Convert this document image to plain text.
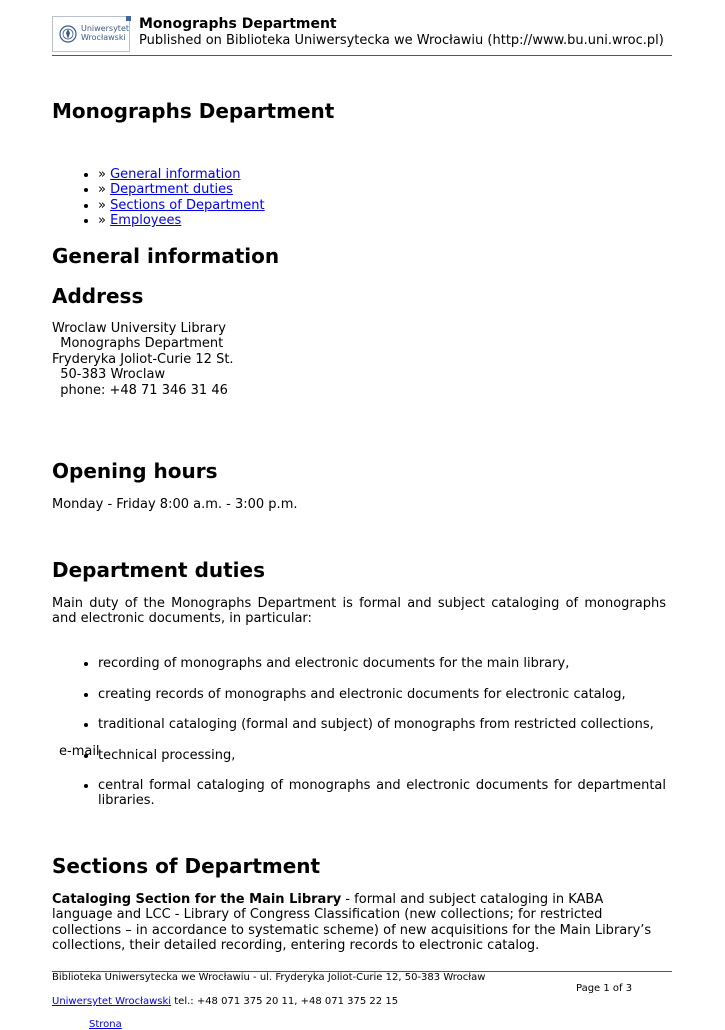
Uniwersytet
Wrocławski
Monographs Department
Published on Biblioteka Uniwersytecka we Wrocławiu (http://www.bu.uni.wroc.pl)
Monographs Department
• » General information
• » Department duties
• » Sections of Department
• » Employees
General information
Address
Wroclaw University Library
Monographs Department
Fryderyka Joliot-Curie 12 St.
50-383 Wroclaw
phone: +48 71 346 31 46
Opening hours
Monday - Friday 8:00 a.m. - 3:00 p.m.
Department duties
Main duty of the Monographs Department is formal and subject cataloging of monographs and electronic documents, in particular:
• recording of monographs and electronic documents for the main library,
• creating records of monographs and electronic documents for electronic catalog,
• traditional cataloging (formal and subject) of monographs from restricted collections,
• technical processing,
e-mail
• central formal cataloging of monographs and electronic documents for departmental libraries.
Sections of Department
Cataloging Section for the Main Library - formal and subject cataloging in KABA language and LCC - Library of Congress Classification (new collections; for restricted collections – in accordance to systematic scheme) of new acquisitions for the Main Library’s collections, their detailed recording, entering records to electronic catalog.
Biblioteka Uniwersytecka we Wrocławiu - ul. Fryderyka Joliot-Curie 12, 50-383 Wrocław
Page 1 of 3
Uniwersytet Wrocławski tel.: +48 071 375 20 11, +48 071 375 22 15
Strona
